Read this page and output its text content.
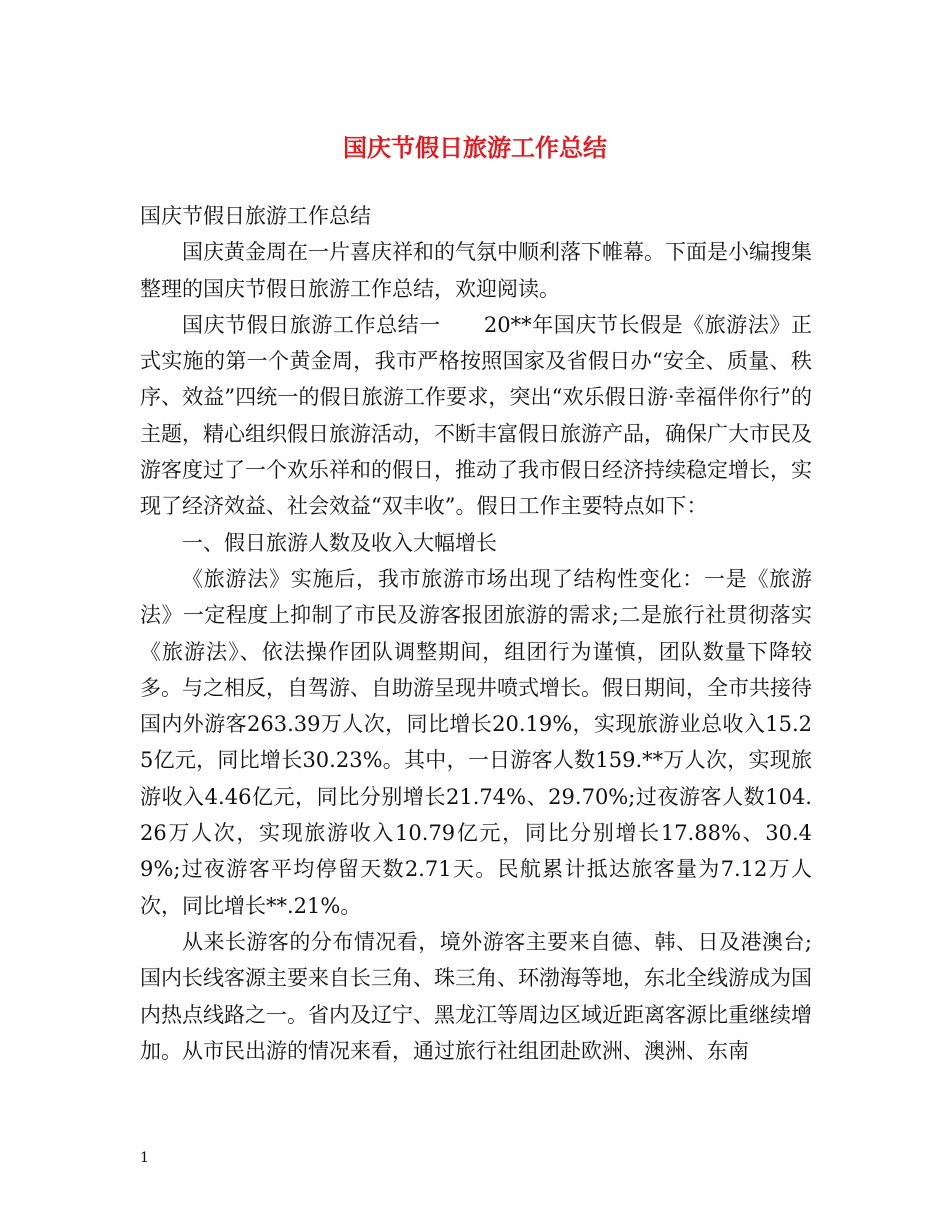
国庆节假日旅游工作总结

国庆节假日旅游工作总结

国庆黄金周在一片喜庆祥和的气氛中顺利落下帷幕。下面是小编搜集整理的国庆节假日旅游工作总结，欢迎阅读。

国庆节假日旅游工作总结一　　20**年国庆节长假是《旅游法》正式实施的第一个黄金周，我市严格按照国家及省假日办“安全、质量、秩序、效益”四统一的假日旅游工作要求，突出“欢乐假日游·幸福伴你行”的主题，精心组织假日旅游活动，不断丰富假日旅游产品，确保广大市民及游客度过了一个欢乐祥和的假日，推动了我市假日经济持续稳定增长，实现了经济效益、社会效益“双丰收”。假日工作主要特点如下：

一、假日旅游人数及收入大幅增长

《旅游法》实施后，我市旅游市场出现了结构性变化：一是《旅游法》一定程度上抑制了市民及游客报团旅游的需求;二是旅行社贯彻落实《旅游法》、依法操作团队调整期间，组团行为谨慎，团队数量下降较多。与之相反，自驾游、自助游呈现井喷式增长。假日期间，全市共接待国内外游客263.39万人次，同比增长20.19%，实现旅游业总收入15.25亿元，同比增长30.23%。其中，一日游客人数159.**万人次，实现旅游收入4.46亿元，同比分别增长21.74%、29.70%;过夜游客人数104.26万人次，实现旅游收入10.79亿元，同比分别增长17.88%、30.49%;过夜游客平均停留天数2.71天。民航累计抵达旅客量为7.12万人次，同比增长**.21%。

从来长游客的分布情况看，境外游客主要来自德、韩、日及港澳台;国内长线客源主要来自长三角、珠三角、环渤海等地，东北全线游成为国内热点线路之一。省内及辽宁、黑龙江等周边区域近距离客源比重继续增加。从市民出游的情况来看，通过旅行社组团赴欧洲、澳洲、东南

1
